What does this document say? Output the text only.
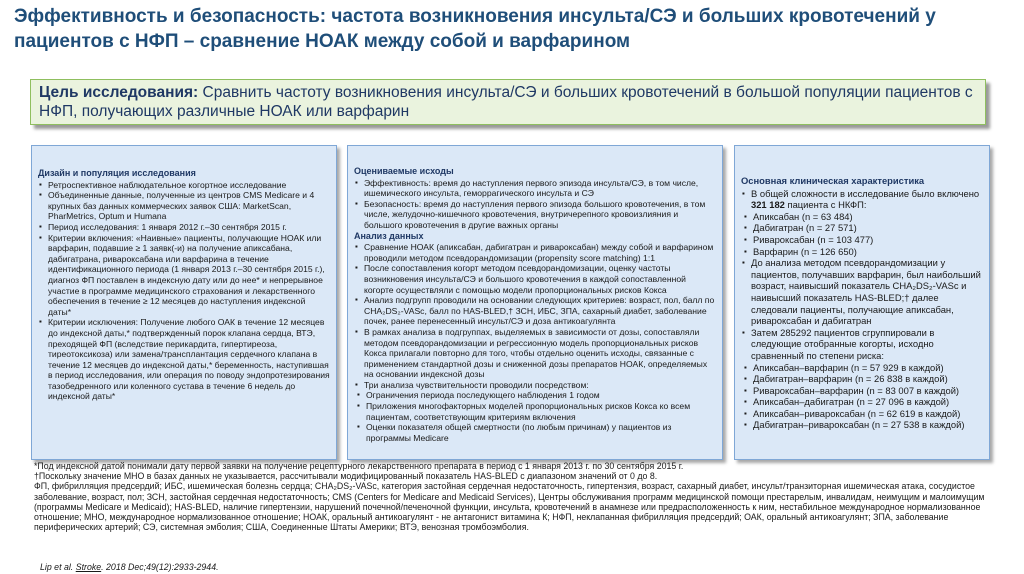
Эффективность и безопасность: частота возникновения инсульта/СЭ и больших кровотечений у пациентов с НФП – сравнение НОАК между собой и варфарином
Цель исследования: Сравнить частоту возникновения инсульта/СЭ и больших кровотечений в большой популяции пациентов с НФП, получающих различные НОАК или варфарин
Дизайн и популяция исследования
▪ Ретроспективное наблюдательное когортное исследование
▪ Объединенные данные, полученные из центров CMS Medicare и 4 крупных баз данных коммерческих заявок США: MarketScan, PharMetrics, Optum и Humana
▪ Период исследования: 1 января 2012 г.–30 сентября 2015 г.
▪ Критерии включения: «Наивные» пациенты, получающие НОАК или варфарин, подавшие ≥ 1 заявк(-и) на получение апиксабана, дабигатрана, ривароксабана или варфарина в течение идентификационного периода (1 января 2013 г.–30 сентября 2015 г.), диагноз ФП поставлен в индексную дату или до нее* и непрерывное участие в программе медицинского страхования и лекарственного обеспечения в течение ≥ 12 месяцев до наступления индексной даты*
▪ Критерии исключения: Получение любого ОАК в течение 12 месяцев до индексной даты,* подтвержденный порок клапана сердца, ВТЭ, преходящей ФП (вследствие перикардита, гипертиреоза, тиреотоксикоза) или замена/трансплантация сердечного клапана в течение 12 месяцев до индексной даты,* беременность, наступившая в период исследования, или операция по поводу эндопротезирования тазобедренного или коленного сустава в течение 6 недель до индексной даты*
Оцениваемые исходы
▪ Эффективность: время до наступления первого эпизода инсульта/СЭ, в том числе, ишемического инсульта, геморрагического инсульта и СЭ
▪ Безопасность: время до наступления первого эпизода большого кровотечения, в том числе, желудочно-кишечного кровотечения, внутричерепного кровоизлияния и большого кровотечения в другие важных органы
Анализ данных
▪ Сравнение НОАК (апиксабан, дабигатран и ривароксабан) между собой и варфарином проводили методом псевдорандомизации (propensity score matching) 1:1
▪ После сопоставления когорт методом псевдорандомизации, оценку частоты возникновения инсульта/СЭ и большого кровотечения в каждой сопоставленной когорте осуществляли с помощью модели пропорциональных рисков Кокса
▪ Анализ подгрупп проводили на основании следующих критериев: возраст, пол, балл по CHA₂DS₂-VASc, балл по HAS-BLED,† ЗСН, ИБС, ЗПА, сахарный диабет, заболевание почек, ранее перенесенный инсульт/СЭ и доза антикоагулянта
▪ В рамках анализа в подгруппах, выделяемых в зависимости от дозы, сопоставляли методом псевдорандомизации и регрессионную модель пропорциональных рисков Кокса прилагали повторно для того, чтобы отдельно оценить исходы, связанные с применением стандартной дозы и сниженной дозы препаратов НОАК, определяемых на основании индексной дозы
▪ Три анализа чувствительности проводили посредством:
▪ Ограничения периода последующего наблюдения 1 годом
▪ Приложения многофакторных моделей пропорциональных рисков Кокса ко всем пациентам, соответствующим критериям включения
▪ Оценки показателя общей смертности (по любым причинам) у пациентов из программы Medicare
Основная клиническая характеристика
▪ В общей сложности в исследование было включено 321 182 пациента с НКФП:
▪ Апиксабан (n = 63 484)
▪ Дабигатран (n = 27 571)
▪ Ривароксабан (n = 103 477)
▪ Варфарин (n = 126 650)
▪ До анализа методом псевдорандомизации у пациентов, получавших варфарин, был наибольший возраст, наивысший показатель CHA₂DS₂-VASc и наивысший показатель HAS-BLED;† далее следовали пациенты, получающие апиксабан, ривароксабан и дабигатран
▪ Затем 285292 пациентов сгруппировали в следующие отобранные когорты, исходно сравненный по степени риска:
▪ Апиксабан–варфарин (n = 57 929 в каждой)
▪ Дабигатран–варфарин (n = 26 838 в каждой)
▪ Ривароксабан–варфарин (n = 83 007 в каждой)
▪ Апиксабан–дабигатран (n = 27 096 в каждой)
▪ Апиксабан–ривароксабан (n = 62 619 в каждой)
▪ Дабигатран–ривароксабан (n = 27 538 в каждой)
*Под индексной датой понимали дату первой заявки на получение рецептурного лекарственного препарата в период с 1 января 2013 г. по 30 сентября 2015 г.
†Поскольку значение МНО в базах данных не указывается, рассчитывали модифицированный показатель HAS-BLED с диапазоном значений от 0 до 8.
ФП, фибрилляция предсердий; ИБС, ишемическая болезнь сердца; CHA₂DS₂-VASc, категория застойная сердечная недостаточность, гипертензия, возраст, сахарный диабет, инсульт/транзиторная ишемическая атака, сосудистое заболевание, возраст, пол; ЗСН, застойная сердечная недостаточность; CMS (Centers for Medicare and Medicaid Services), Центры обслуживания программ медицинской помощи престарелым, инвалидам, неимущим и малоимущим (программы Medicare и Medicaid); HAS-BLED, наличие гипертензии, нарушений почечной/печеночной функции, инсульта, кровотечений в анамнезе или предрасположенность к ним, нестабильное международное нормализованное отношение; МНО, международное нормализованное отношение; НОАК, оральный антикоагулянт - не антагонист витамина К; НФП, неклапанная фибрилляция предсердий; ОАК, оральный антикоагулянт; ЗПА, заболевание периферических артерий; СЭ, системная эмболия; США, Соединенные Штаты Америки; ВТЭ, венозная тромбоэмболия.
Lip et al. Stroke. 2018 Dec;49(12):2933-2944.
